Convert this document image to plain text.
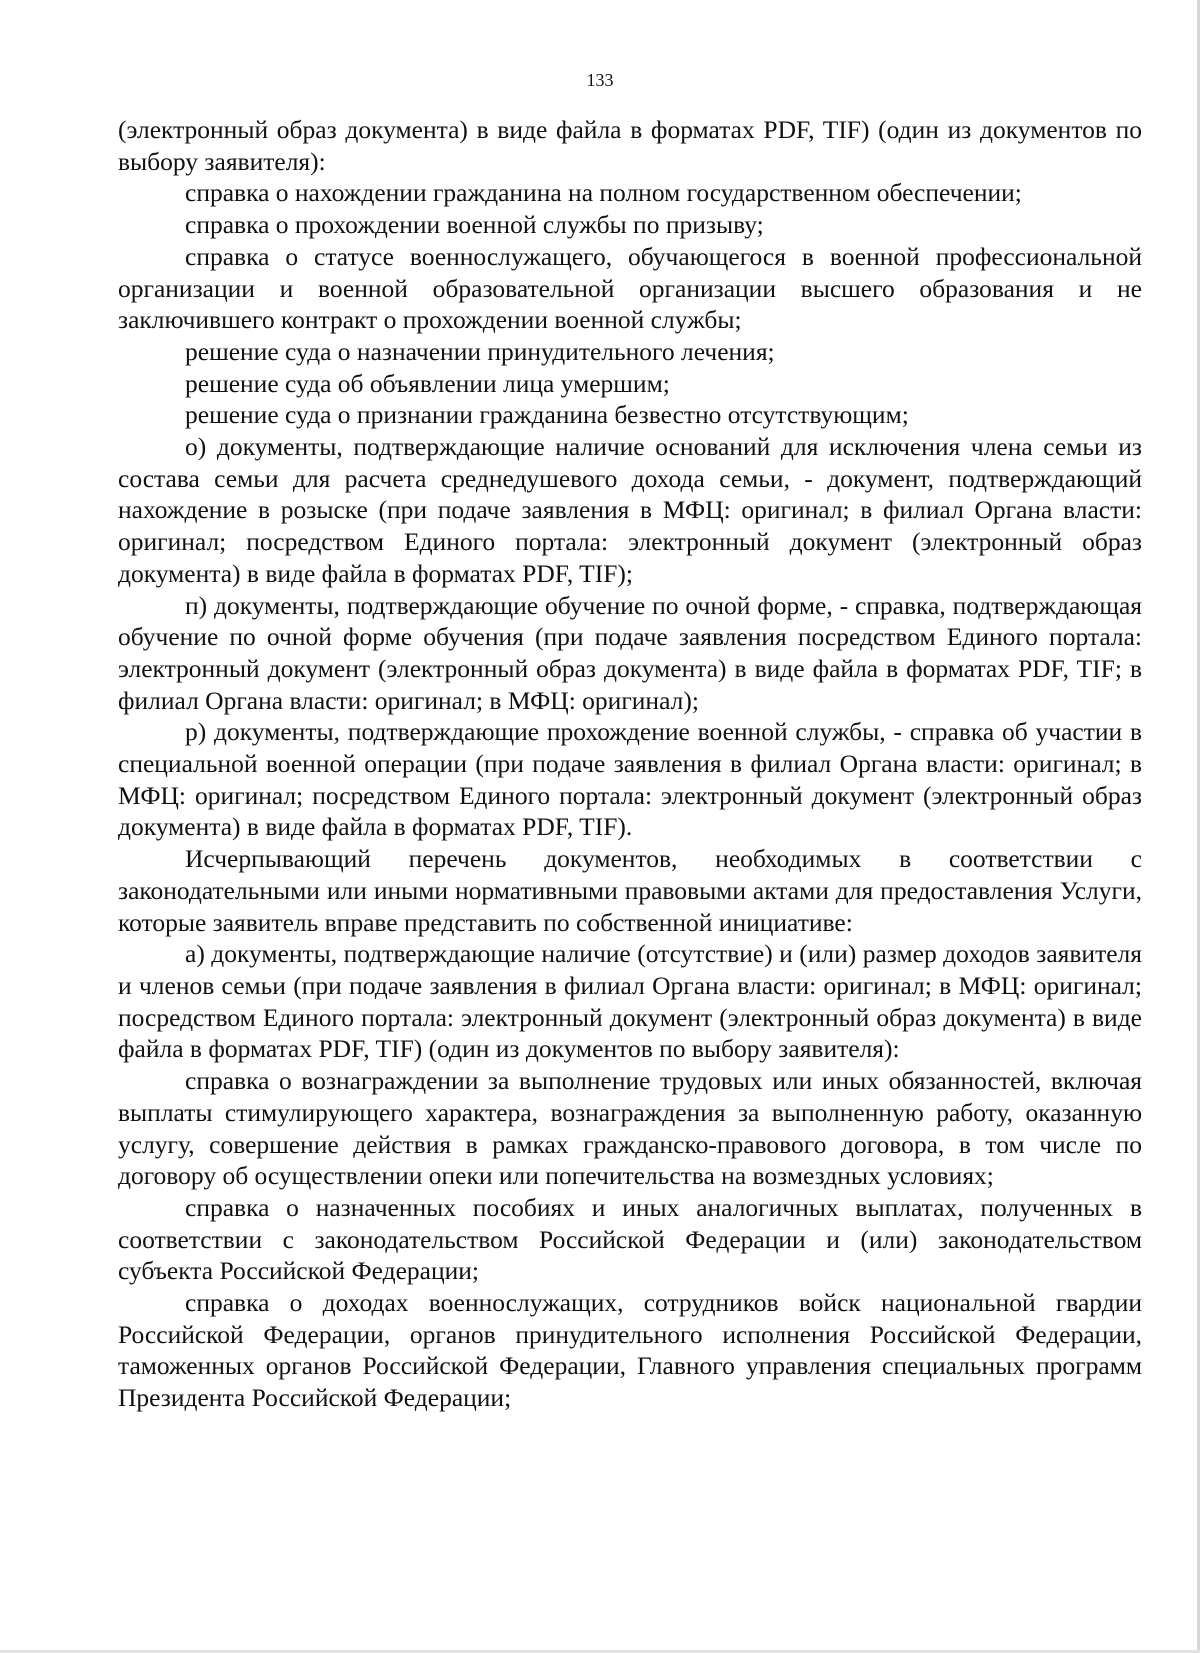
133

(электронный образ документа) в виде файла в форматах PDF, TIF) (один из документов по выбору заявителя):

справка о нахождении гражданина на полном государственном обеспечении;

справка о прохождении военной службы по призыву;

справка о статусе военнослужащего, обучающегося в военной профессиональной организации и военной образовательной организации высшего образования и не заключившего контракт о прохождении военной службы;

решение суда о назначении принудительного лечения;

решение суда об объявлении лица умершим;

решение суда о признании гражданина безвестно отсутствующим;

о) документы, подтверждающие наличие оснований для исключения члена семьи из состава семьи для расчета среднедушевого дохода семьи, - документ, подтверждающий нахождение в розыске (при подаче заявления в МФЦ: оригинал; в филиал Органа власти: оригинал; посредством Единого портала: электронный документ (электронный образ документа) в виде файла в форматах PDF, TIF);

п) документы, подтверждающие обучение по очной форме, - справка, подтверждающая обучение по очной форме обучения (при подаче заявления посредством Единого портала: электронный документ (электронный образ документа) в виде файла в форматах PDF, TIF; в филиал Органа власти: оригинал; в МФЦ: оригинал);

р) документы, подтверждающие прохождение военной службы, - справка об участии в специальной военной операции (при подаче заявления в филиал Органа власти: оригинал; в МФЦ: оригинал; посредством Единого портала: электронный документ (электронный образ документа) в виде файла в форматах PDF, TIF).

Исчерпывающий перечень документов, необходимых в соответствии с законодательными или иными нормативными правовыми актами для предоставления Услуги, которые заявитель вправе представить по собственной инициативе:

а) документы, подтверждающие наличие (отсутствие) и (или) размер доходов заявителя и членов семьи (при подаче заявления в филиал Органа власти: оригинал; в МФЦ: оригинал; посредством Единого портала: электронный документ (электронный образ документа) в виде файла в форматах PDF, TIF) (один из документов по выбору заявителя):

справка о вознаграждении за выполнение трудовых или иных обязанностей, включая выплаты стимулирующего характера, вознаграждения за выполненную работу, оказанную услугу, совершение действия в рамках гражданско-правового договора, в том числе по договору об осуществлении опеки или попечительства на возмездных условиях;

справка о назначенных пособиях и иных аналогичных выплатах, полученных в соответствии с законодательством Российской Федерации и (или) законодательством субъекта Российской Федерации;

справка о доходах военнослужащих, сотрудников войск национальной гвардии Российской Федерации, органов принудительного исполнения Российской Федерации, таможенных органов Российской Федерации, Главного управления специальных программ Президента Российской Федерации;
